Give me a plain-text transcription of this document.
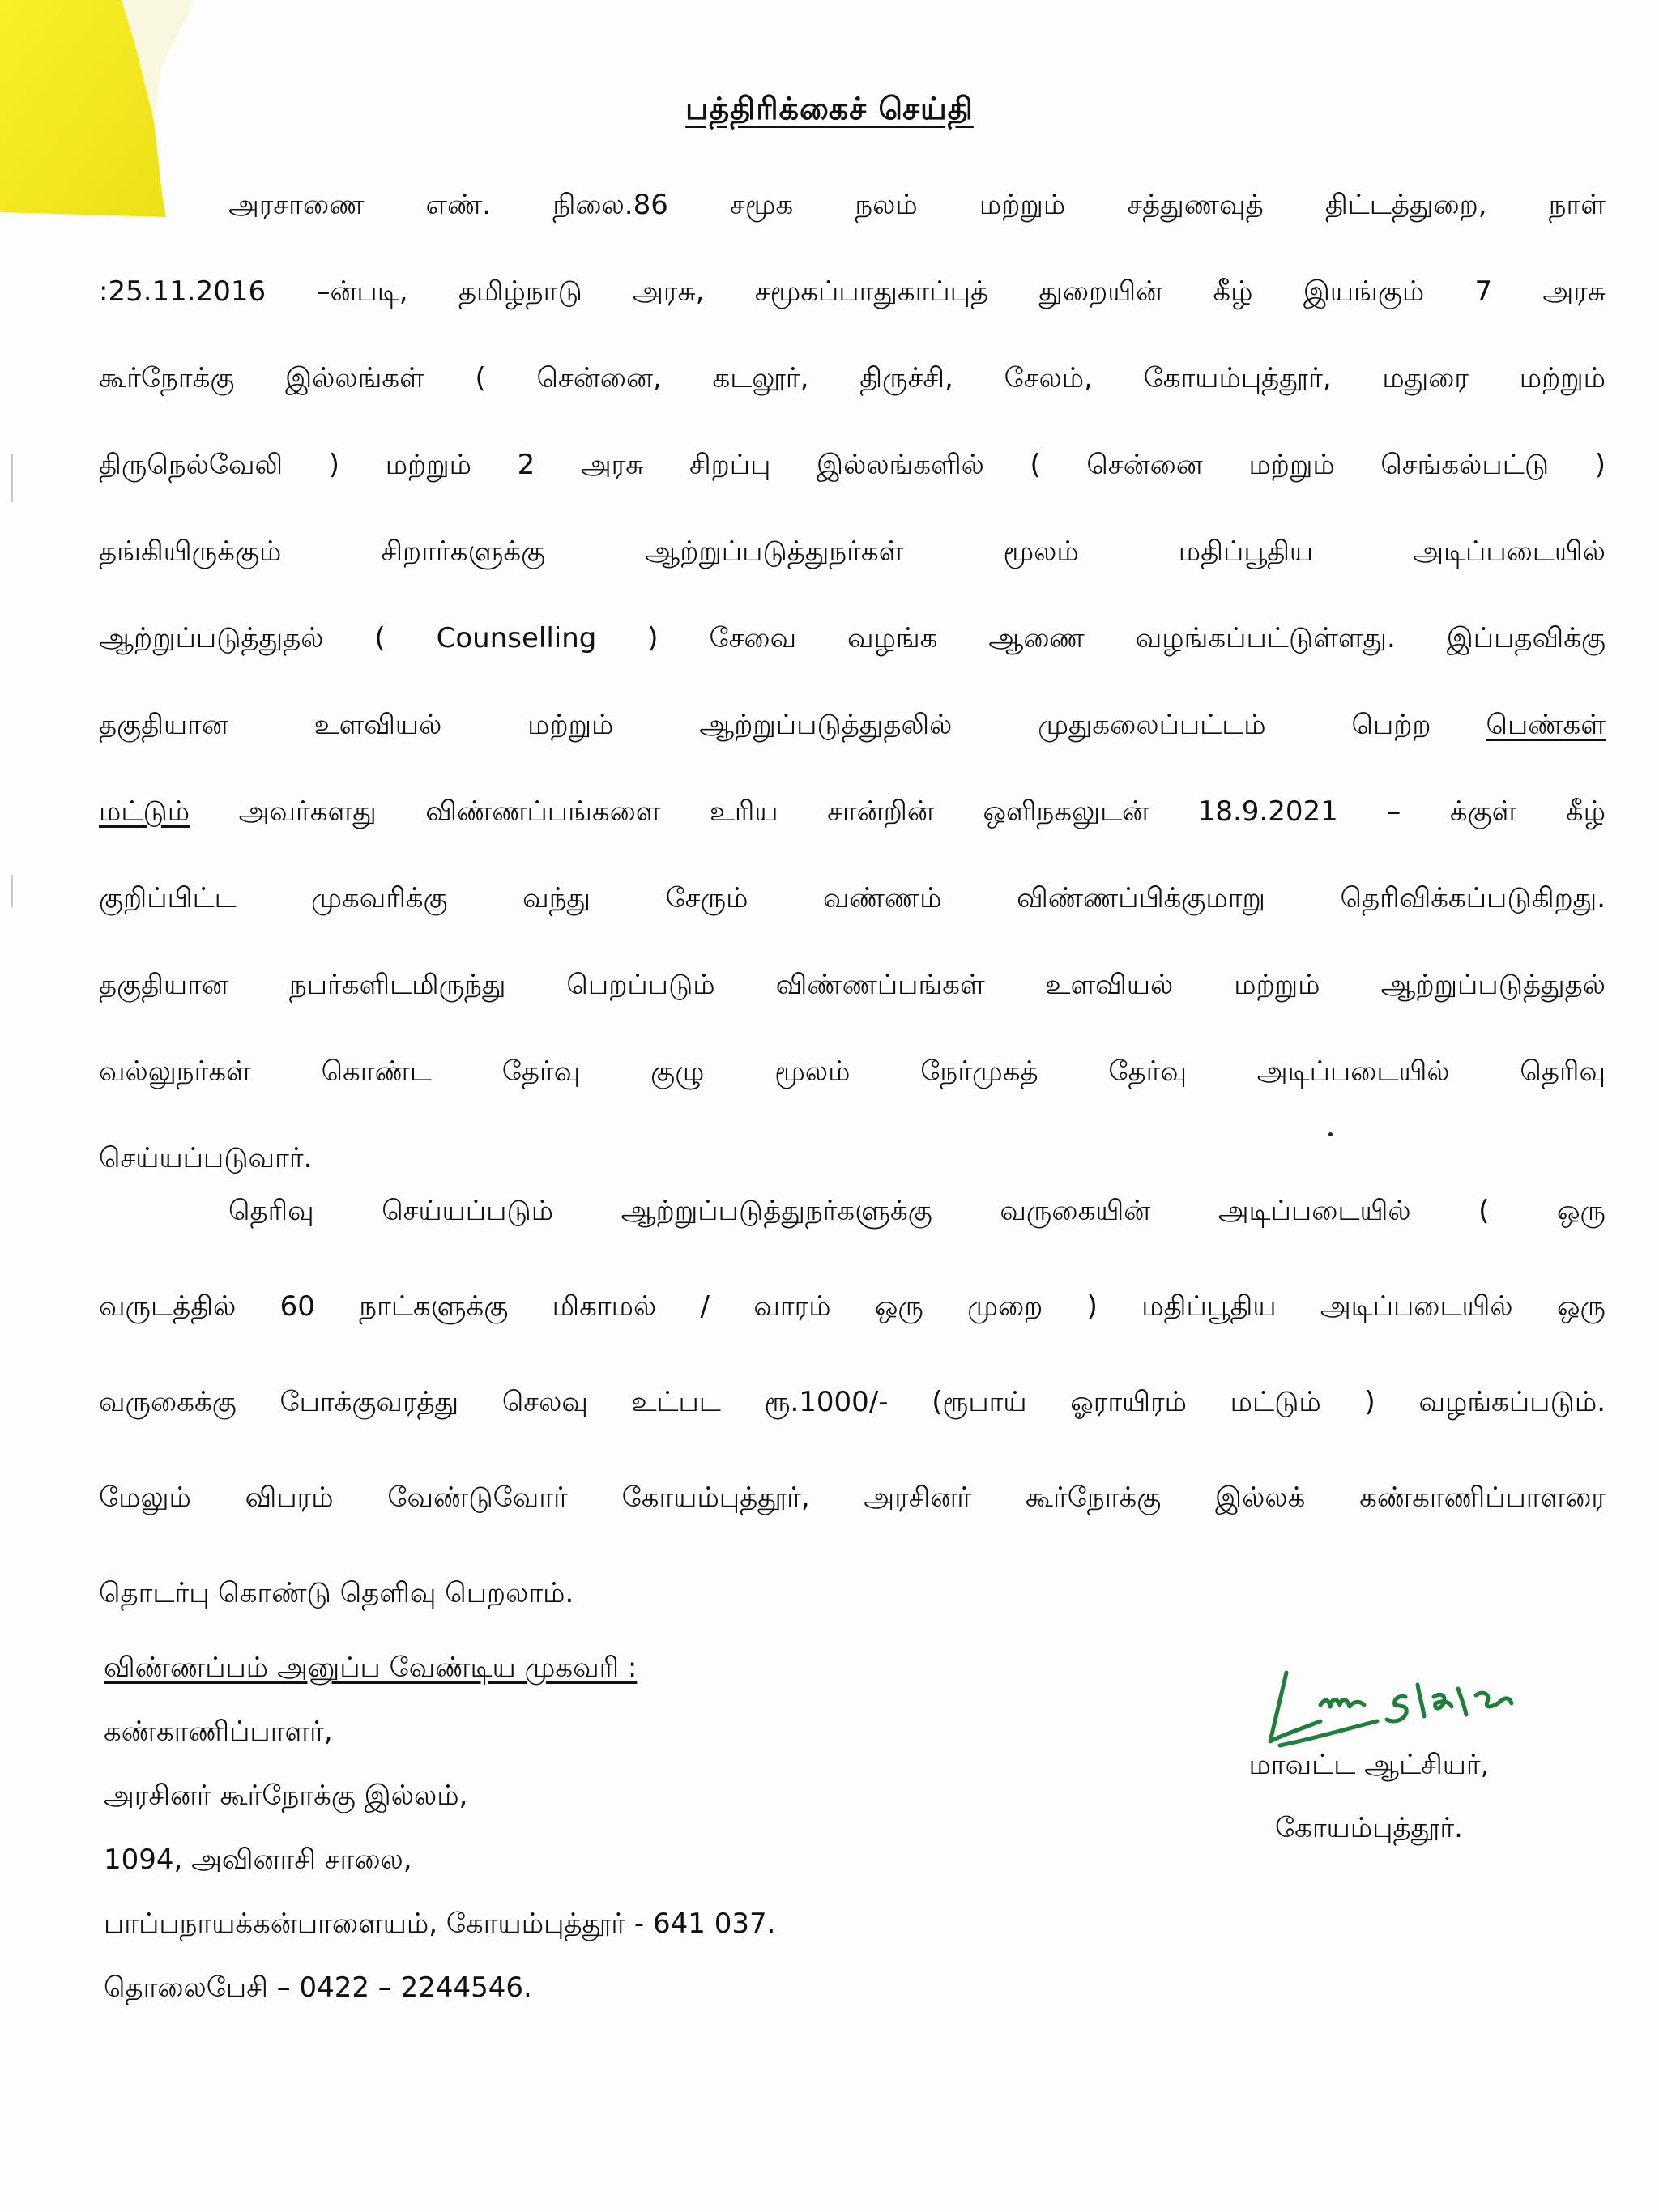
பத்திரிக்கைச் செய்தி
அரசாணை எண். நிலை.86 சமூக நலம் மற்றும் சத்துணவுத் திட்டத்துறை, நாள்
:25.11.2016 –ன்படி, தமிழ்நாடு அரசு, சமூகப்பாதுகாப்புத் துறையின் கீழ் இயங்கும் 7 அரசு
கூர்நோக்கு இல்லங்கள் ( சென்னை, கடலூர், திருச்சி, சேலம், கோயம்புத்தூர், மதுரை மற்றும்
திருநெல்வேலி ) மற்றும் 2 அரசு சிறப்பு இல்லங்களில் ( சென்னை மற்றும் செங்கல்பட்டு )
தங்கியிருக்கும் சிறார்களுக்கு ஆற்றுப்படுத்துநர்கள் மூலம் மதிப்பூதிய அடிப்படையில்
ஆற்றுப்படுத்துதல் ( Counselling ) சேவை வழங்க ஆணை வழங்கப்பட்டுள்ளது. இப்பதவிக்கு
தகுதியான உளவியல் மற்றும் ஆற்றுப்படுத்துதலில் முதுகலைப்பட்டம் பெற்ற   பெண்கள்
மட்டும் அவர்களது விண்ணப்பங்களை உரிய சான்றின் ஒளிநகலுடன் 18.9.2021 – க்குள் கீழ்
குறிப்பிட்ட முகவரிக்கு வந்து சேரும் வண்ணம் விண்ணப்பிக்குமாறு தெரிவிக்கப்படுகிறது.
தகுதியான நபர்களிடமிருந்து பெறப்படும் விண்ணப்பங்கள் உளவியல் மற்றும் ஆற்றுப்படுத்துதல்
வல்லுநர்கள் கொண்ட தேர்வு குழு மூலம் நேர்முகத் தேர்வு அடிப்படையில் தெரிவு
செய்யப்படுவார்.
தெரிவு செய்யப்படும் ஆற்றுப்படுத்துநர்களுக்கு வருகையின் அடிப்படையில் ( ஒரு
வருடத்தில் 60 நாட்களுக்கு மிகாமல் / வாரம் ஒரு முறை ) மதிப்பூதிய அடிப்படையில் ஒரு
வருகைக்கு போக்குவரத்து செலவு உட்பட ரூ.1000/- (ரூபாய் ஓராயிரம் மட்டும் ) வழங்கப்படும்.
மேலும் விபரம் வேண்டுவோர் கோயம்புத்தூர், அரசினர் கூர்நோக்கு இல்லக் கண்காணிப்பாளரை
தொடர்பு கொண்டு தெளிவு பெறலாம்.
விண்ணப்பம் அனுப்ப வேண்டிய முகவரி :
கண்காணிப்பாளர்,
அரசினர் கூர்நோக்கு இல்லம்,
1094, அவினாசி சாலை,
பாப்பநாயக்கன்பாளையம், கோயம்புத்தூர் - 641 037.
தொலைபேசி – 0422 – 2244546.
மாவட்ட ஆட்சியர்,
கோயம்புத்தூர்.
